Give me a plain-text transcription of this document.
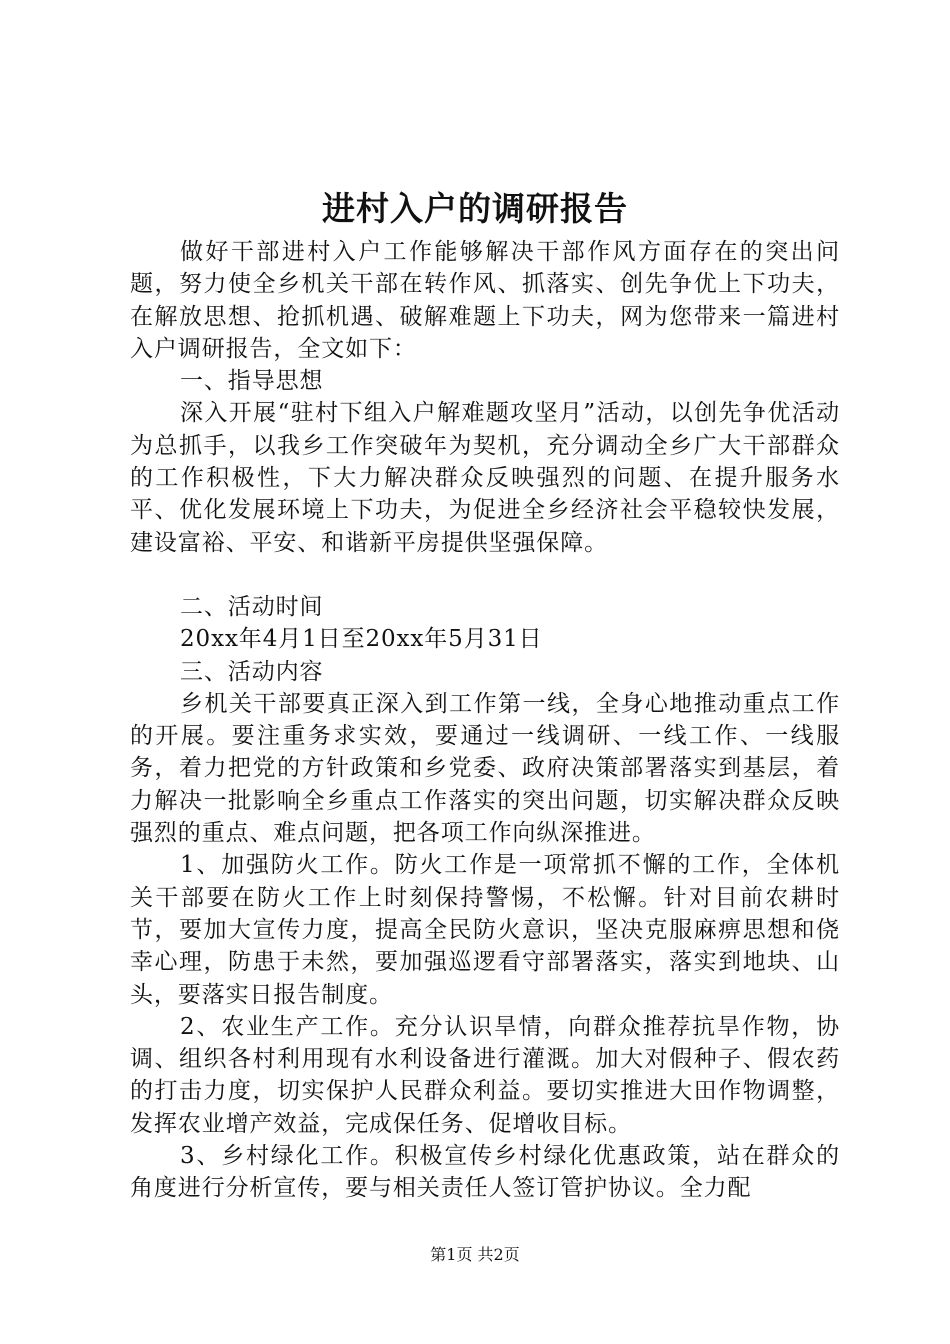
进村入户的调研报告

做好干部进村入户工作能够解决干部作风方面存在的突出问题，努力使全乡机关干部在转作风、抓落实、创先争优上下功夫，在解放思想、抢抓机遇、破解难题上下功夫，网为您带来一篇进村入户调研报告，全文如下：

一、指导思想

深入开展“驻村下组入户解难题攻坚月”活动，以创先争优活动为总抓手，以我乡工作突破年为契机，充分调动全乡广大干部群众的工作积极性，下大力解决群众反映强烈的问题、在提升服务水平、优化发展环境上下功夫，为促进全乡经济社会平稳较快发展，建设富裕、平安、和谐新平房提供坚强保障。

二、活动时间

20xx年4月1日至20xx年5月31日

三、活动内容

乡机关干部要真正深入到工作第一线，全身心地推动重点工作的开展。要注重务求实效，要通过一线调研、一线工作、一线服务，着力把党的方针政策和乡党委、政府决策部署落实到基层，着力解决一批影响全乡重点工作落实的突出问题，切实解决群众反映强烈的重点、难点问题，把各项工作向纵深推进。

1、加强防火工作。防火工作是一项常抓不懈的工作，全体机关干部要在防火工作上时刻保持警惕，不松懈。针对目前农耕时节，要加大宣传力度，提高全民防火意识，坚决克服麻痹思想和侥幸心理，防患于未然，要加强巡逻看守部署落实，落实到地块、山头，要落实日报告制度。

2、农业生产工作。充分认识旱情，向群众推荐抗旱作物，协调、组织各村利用现有水利设备进行灌溉。加大对假种子、假农药的打击力度，切实保护人民群众利益。要切实推进大田作物调整，发挥农业增产效益，完成保任务、促增收目标。

3、乡村绿化工作。积极宣传乡村绿化优惠政策，站在群众的角度进行分析宣传，要与相关责任人签订管护协议。全力配

第1页 共2页
